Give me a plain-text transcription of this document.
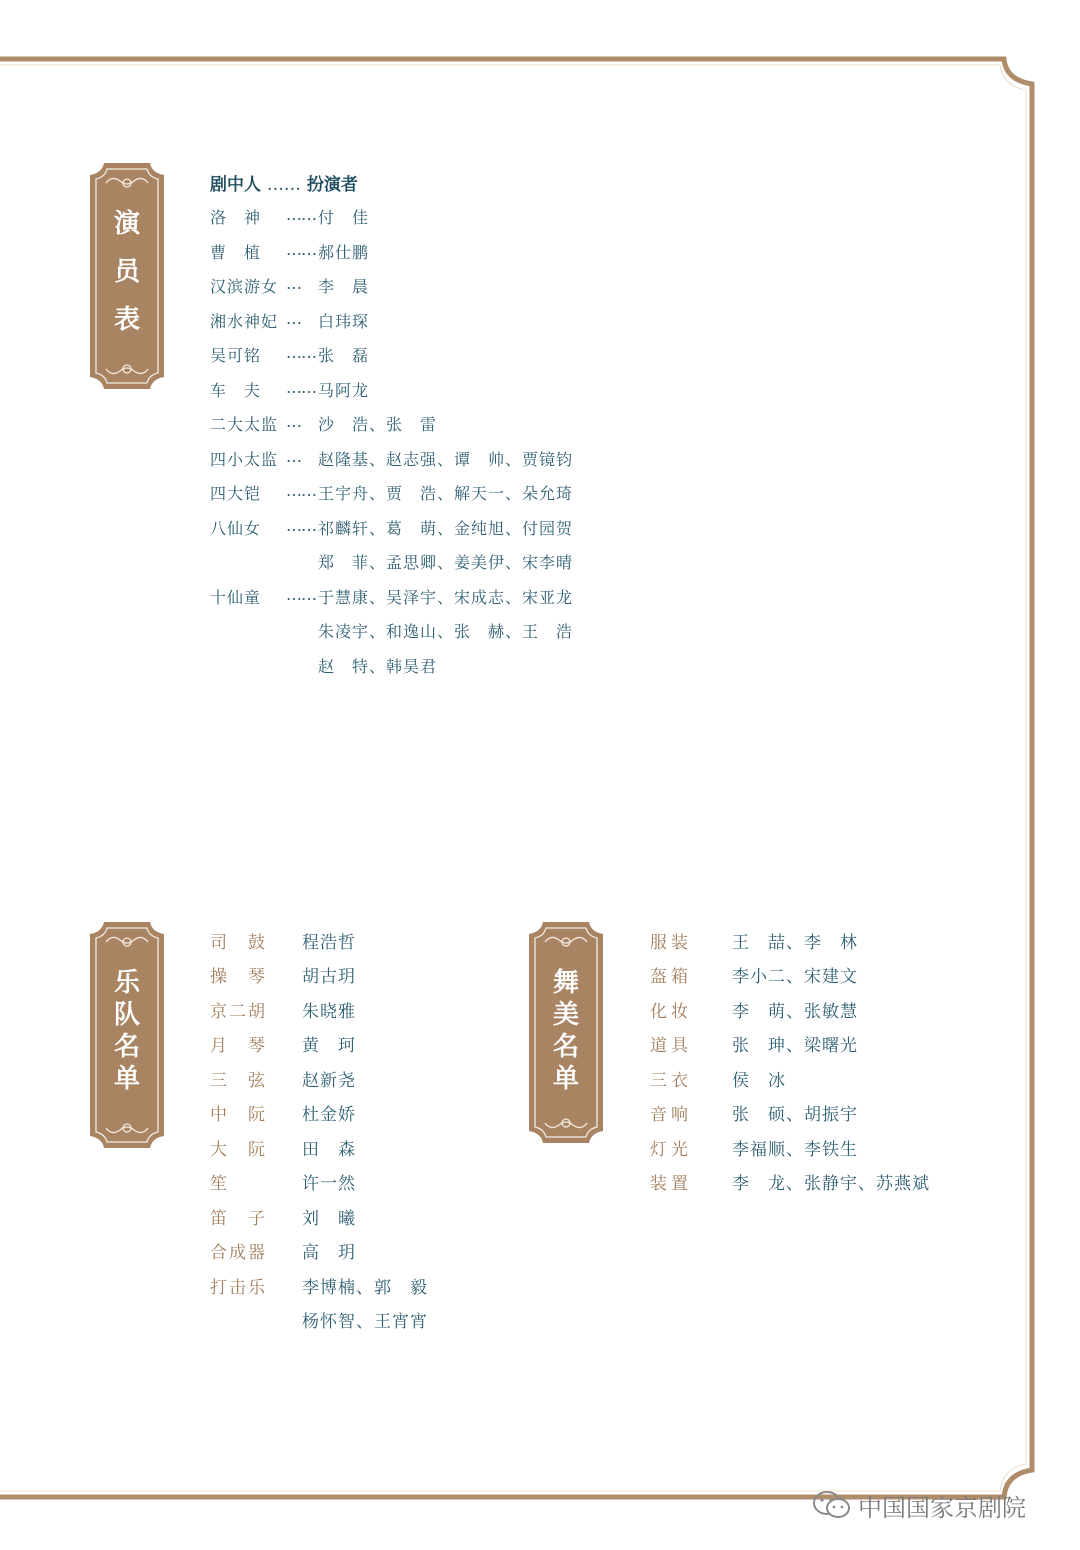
演
员
表
剧中人 …… 扮演者
洛　神	…… 付　佳
曹　植	…… 郝仕鹏
汉滨游女 … 李　晨
湘水神妃 … 白玮琛
吴可铭	…… 张　磊
车　夫	…… 马阿龙
二大太监 … 沙　浩、张　雷
四小太监 … 赵隆基、赵志强、谭　帅、贾镜钧
四大铠	…… 王宇舟、贾　浩、解天一、朵允琦
八仙女	…… 祁麟轩、葛　萌、金纯旭、付园贺
郑　菲、孟思卿、姜美伊、宋李晴
十仙童	…… 于慧康、吴泽宇、宋成志、宋亚龙
朱凌宇、和逸山、张　赫、王　浩
赵　特、韩昊君
乐
队
名
单
司　鼓 程浩哲
操　琴 胡古玥
京二胡 朱晓雅
月　琴 黄　珂
三　弦 赵新尧
中　阮 杜金娇
大　阮 田　森
笙	许一然
笛　子 刘　曦
合成器 高　玥
打击乐 李博楠、郭　毅
杨怀智、王宵宵
舞
美
名
单
服装 王　喆、李　林
盔箱 李小二、宋建文
化妆 李　萌、张敏慧
道具 张　珅、梁曙光
三衣 侯　冰
音响 张　硕、胡振宇
灯光 李福顺、李铁生
装置 李　龙、张静宇、苏燕斌
中国国家京剧院
